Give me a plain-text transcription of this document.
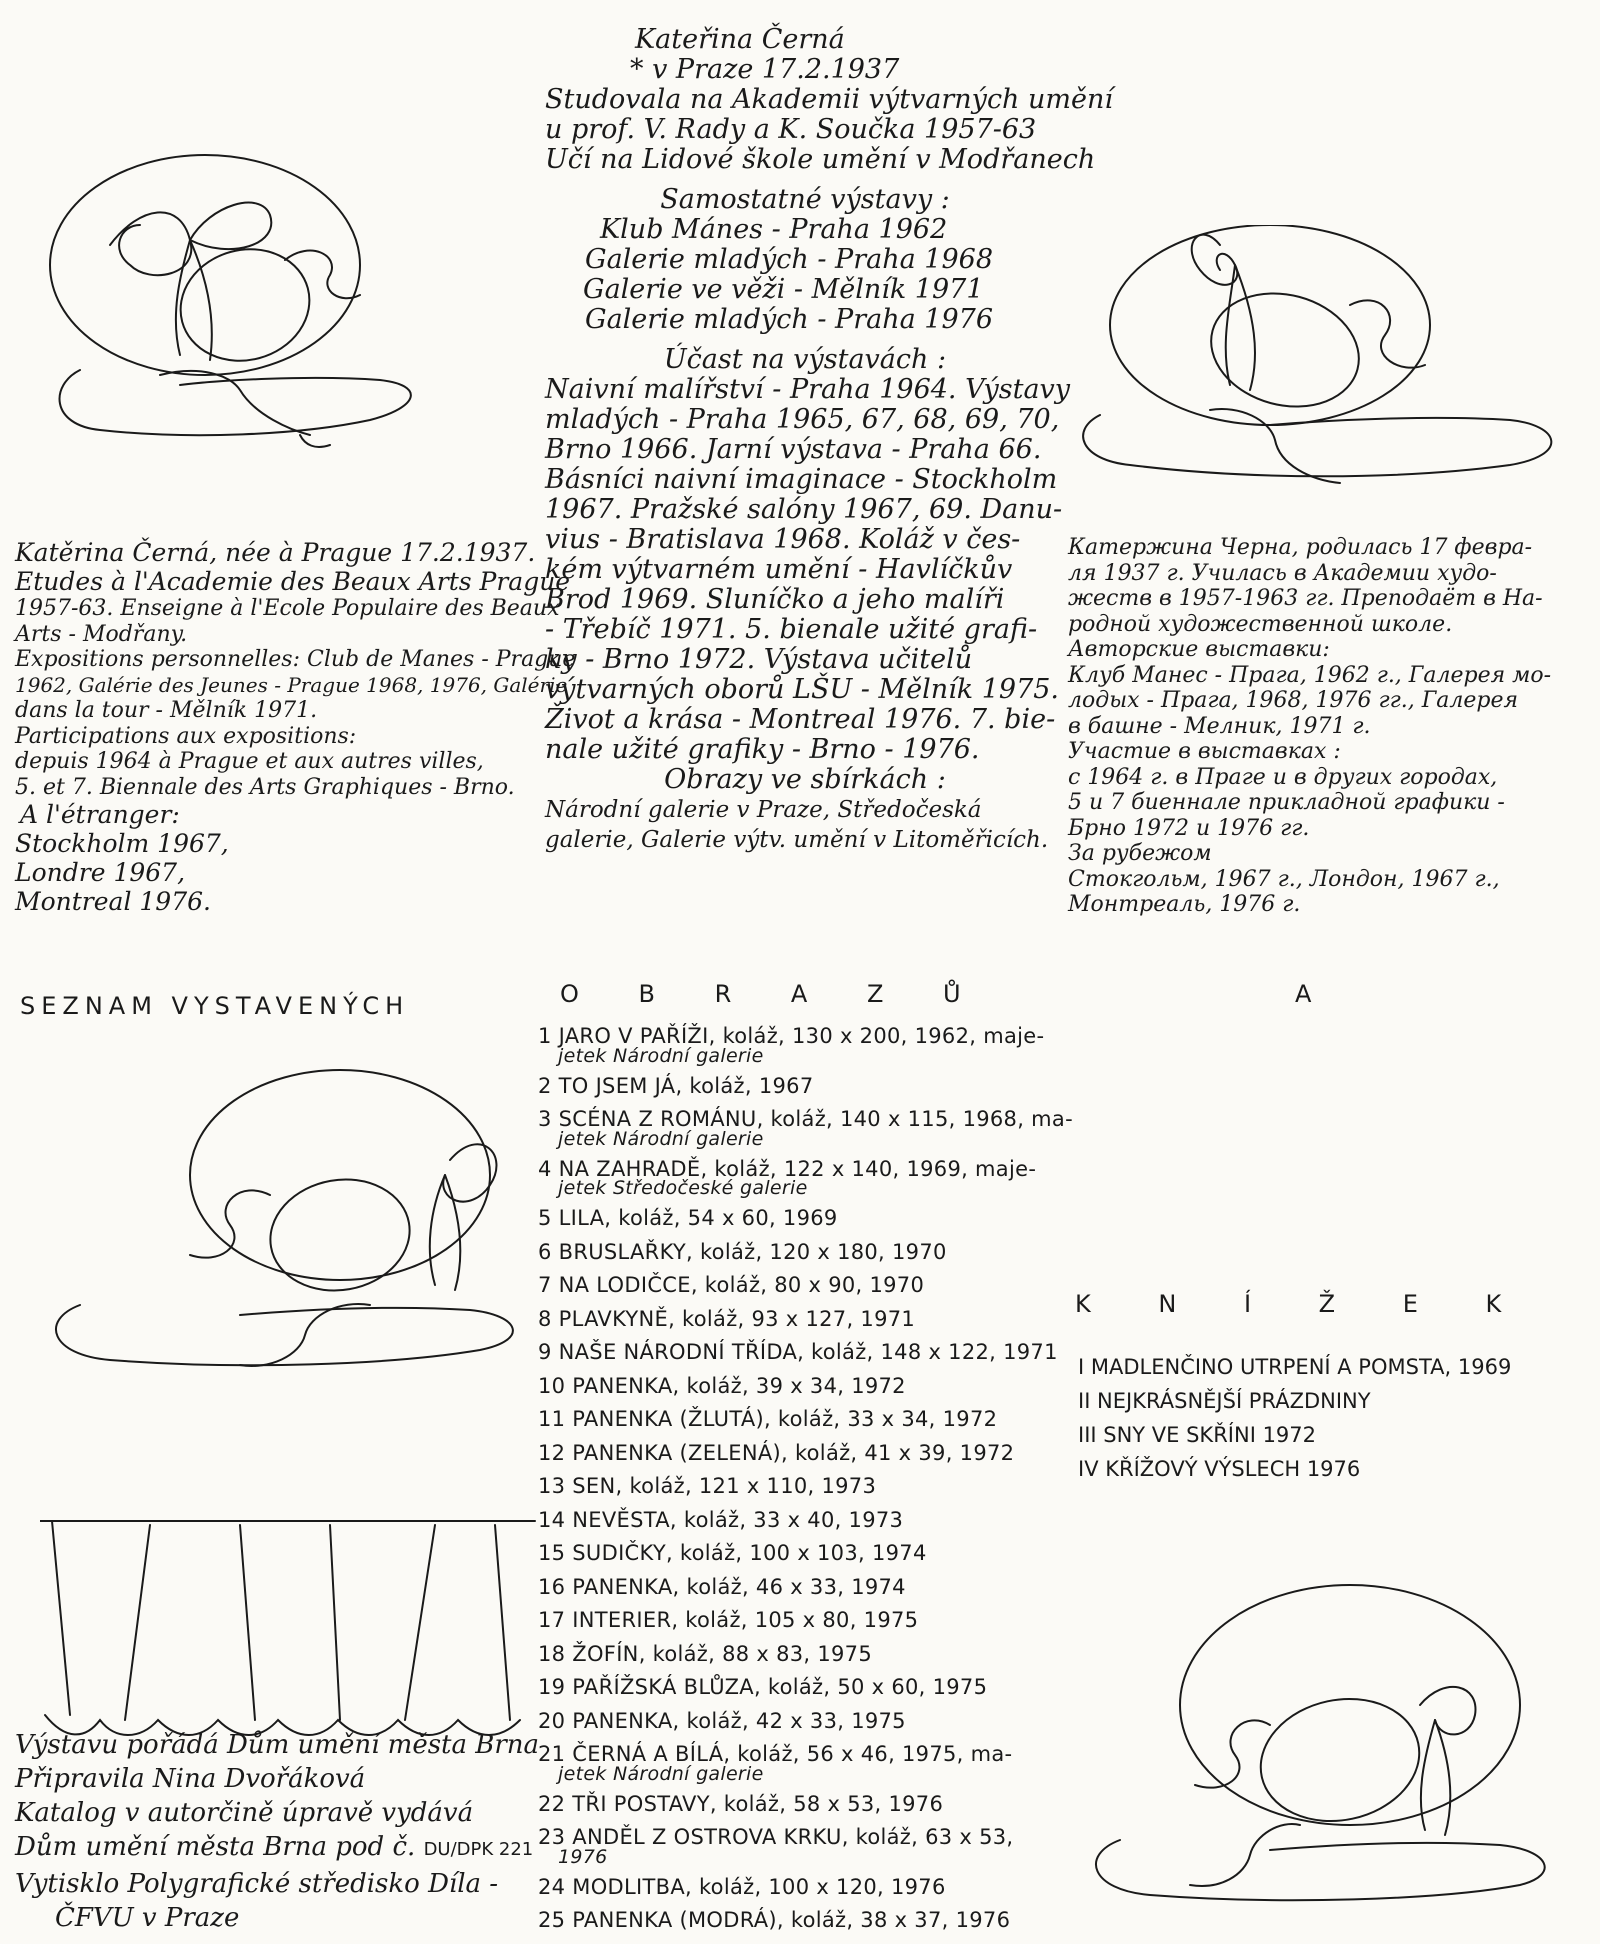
Kateřina Černá
* v Praze 17.2.1937
Studovala na Akademii výtvarných umění
u prof. V. Rady a K. Součka 1957-63
Učí na Lidové škole umění v Modřanech
Samostatné výstavy :
Klub Mánes - Praha 1962
Galerie mladých - Praha 1968
Galerie ve věži - Mělník 1971
Galerie mladých - Praha 1976
Účast na výstavách :
Naivní malířství - Praha 1964. Výstavy
mladých - Praha 1965, 67, 68, 69, 70,
Brno 1966. Jarní výstava - Praha 66.
Básníci naivní imaginace - Stockholm
1967. Pražské salóny 1967, 69. Danu-
vius - Bratislava 1968. Koláž v čes-
kém výtvarném umění - Havlíčkův
Brod 1969. Sluníčko a jeho malíři
- Třebíč 1971. 5. bienale užité grafi-
ky - Brno 1972. Výstava učitelů
výtvarných oborů LŠU - Mělník 1975.
Život a krása - Montreal 1976. 7. bie-
nale užité grafiky - Brno - 1976.
Obrazy ve sbírkách :
Národní galerie v Praze, Středočeská
galerie, Galerie výtv. umění v Litoměřicích.
Katěrina Černá, née à Prague 17.2.1937.
Etudes à l'Academie des Beaux Arts Prague
1957-63. Enseigne à l'Ecole Populaire des Beaux
Arts - Modřany.
Expositions personnelles: Club de Manes - Prague
1962, Galérie des Jeunes - Prague 1968, 1976, Galérie
dans la tour - Mělník 1971.
Participations aux expositions:
depuis 1964 à Prague et aux autres villes,
5. et 7. Biennale des Arts Graphiques - Brno.
A l'étranger:
Stockholm 1967,
Londre 1967,
Montreal 1976.
Катержина Черна, родилась 17 февра-
ля 1937 г. Училась в Академии худо-
жеств в 1957-1963 гг. Преподаёт в На-
родной художественной школе.
Авторские выставки:
Клуб Манес - Прага, 1962 г., Галерея мо-
лодых - Прага, 1968, 1976 гг., Галерея
в башне - Мелник, 1971 г.
Участие в выставках :
с 1964 г. в Праге и в других городах,
5 и 7 биеннале прикладной графики -
Брно 1972 и 1976 гг.
За рубежом
Стокгольм, 1967 г., Лондон, 1967 г.,
Монтреаль, 1976 г.
SEZNAM VYSTAVENÝCH	O B R A Z Ů	A
K N Í Ž E K
1 JARO V PAŘÍŽI, koláž, 130 x 200, 1962, maje-
jetek Národní galerie
2 TO JSEM JÁ, koláž, 1967
3 SCÉNA Z ROMÁNU, koláž, 140 x 115, 1968, ma-
jetek Národní galerie
4 NA ZAHRADĚ, koláž, 122 x 140, 1969, maje-
jetek Středočeské galerie
5 LILA, koláž, 54 x 60, 1969
6 BRUSLAŘKY, koláž, 120 x 180, 1970
7 NA LODIČCE, koláž, 80 x 90, 1970
8 PLAVKYNĚ, koláž, 93 x 127, 1971
9 NAŠE NÁRODNÍ TŘÍDA, koláž, 148 x 122, 1971
10 PANENKA, koláž, 39 x 34, 1972
11 PANENKA (ŽLUTÁ), koláž, 33 x 34, 1972
12 PANENKA (ZELENÁ), koláž, 41 x 39, 1972
13 SEN, koláž, 121 x 110, 1973
14 NEVĚSTA, koláž, 33 x 40, 1973
15 SUDIČKY, koláž, 100 x 103, 1974
16 PANENKA, koláž, 46 x 33, 1974
17 INTERIER, koláž, 105 x 80, 1975
18 ŽOFÍN, koláž, 88 x 83, 1975
19 PAŘÍŽSKÁ BLŮZA, koláž, 50 x 60, 1975
20 PANENKA, koláž, 42 x 33, 1975
21 ČERNÁ A BÍLÁ, koláž, 56 x 46, 1975, ma-
jetek Národní galerie
22 TŘI POSTAVY, koláž, 58 x 53, 1976
23 ANDĚL Z OSTROVA KRKU, koláž, 63 x 53,
1976
24 MODLITBA, koláž, 100 x 120, 1976
25 PANENKA (MODRÁ), koláž, 38 x 37, 1976
I MADLENČINO UTRPENÍ A POMSTA, 1969
II NEJKRÁSNĚJŠÍ PRÁZDNINY
III SNY VE SKŘÍNI 1972
IV KŘÍŽOVÝ VÝSLECH 1976
Výstavu pořádá Dům umění města Brna
Připravila Nina Dvořáková
Katalog v autorčině úpravě vydává
Dům umění města Brna pod č. DU/DPK 221
Vytisklo Polygrafické středisko Díla -
ČFVU v Praze
